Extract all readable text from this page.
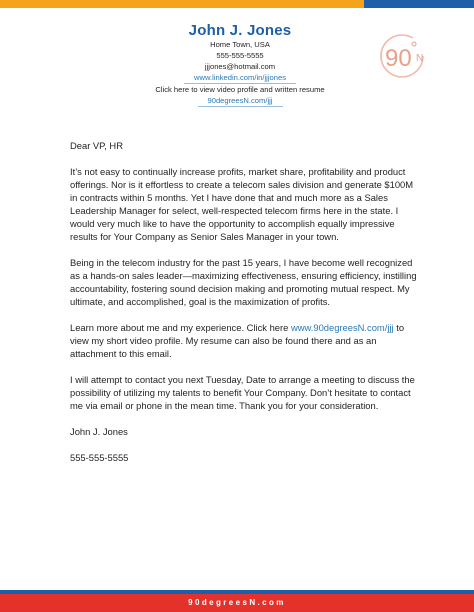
John J. Jones
Home Town, USA
555-555-5555
jjjones@hotmail.com
www.linkedin.com/in/jjjones
Click here to view video profile and written resume
90degreesN.com/jjj
90 N

Dear VP, HR

It’s not easy to continually increase profits, market share, profitability and product offerings. Nor is it effortless to create a telecom sales division and generate $100M in contracts within 5 months. Yet I have done that and much more as a Sales Leadership Manager for select, well-respected telecom firms here in the state. I would very much like to have the opportunity to accomplish equally impressive results for Your Company as Senior Sales Manager in your town.

Being in the telecom industry for the past 15 years, I have become well recognized as a hands-on sales leader—maximizing effectiveness, ensuring efficiency, instilling accountability, fostering sound decision making and promoting mutual respect. My ultimate, and accomplished, goal is the maximization of profits.

Learn more about me and my experience. Click here www.90degreesN.com/jjj to view my short video profile. My resume can also be found there and as an attachment to this email.

I will attempt to contact you next Tuesday, Date to arrange a meeting to discuss the possibility of utilizing my talents to benefit Your Company. Don’t hesitate to contact me via email or phone in the mean time. Thank you for your consideration.

John J. Jones

555-555-5555

90degreesN.com
